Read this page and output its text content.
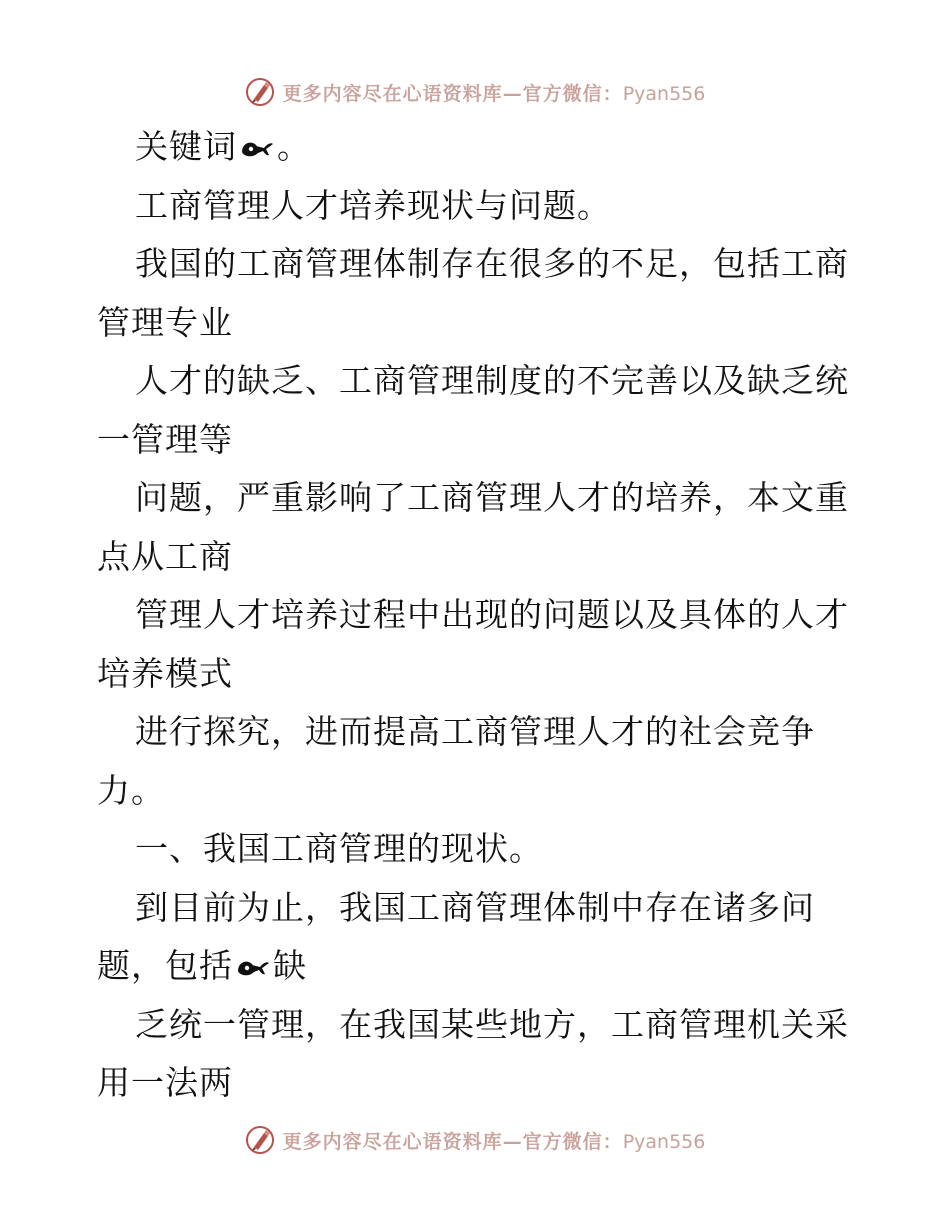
更多内容尽在心语资料库—官方微信：Pyan556
关键词 。
工商管理人才培养现状与问题。
我国的工商管理体制存在很多的不足，包括工商
管理专业
人才的缺乏、工商管理制度的不完善以及缺乏统
一管理等
问题，严重影响了工商管理人才的培养，本文重
点从工商
管理人才培养过程中出现的问题以及具体的人才
培养模式
进行探究，进而提高工商管理人才的社会竞争
力。
一、我国工商管理的现状。
到目前为止，我国工商管理体制中存在诸多问
题，包括 缺
乏统一管理，在我国某些地方，工商管理机关采
用一法两
更多内容尽在心语资料库—官方微信：Pyan556
